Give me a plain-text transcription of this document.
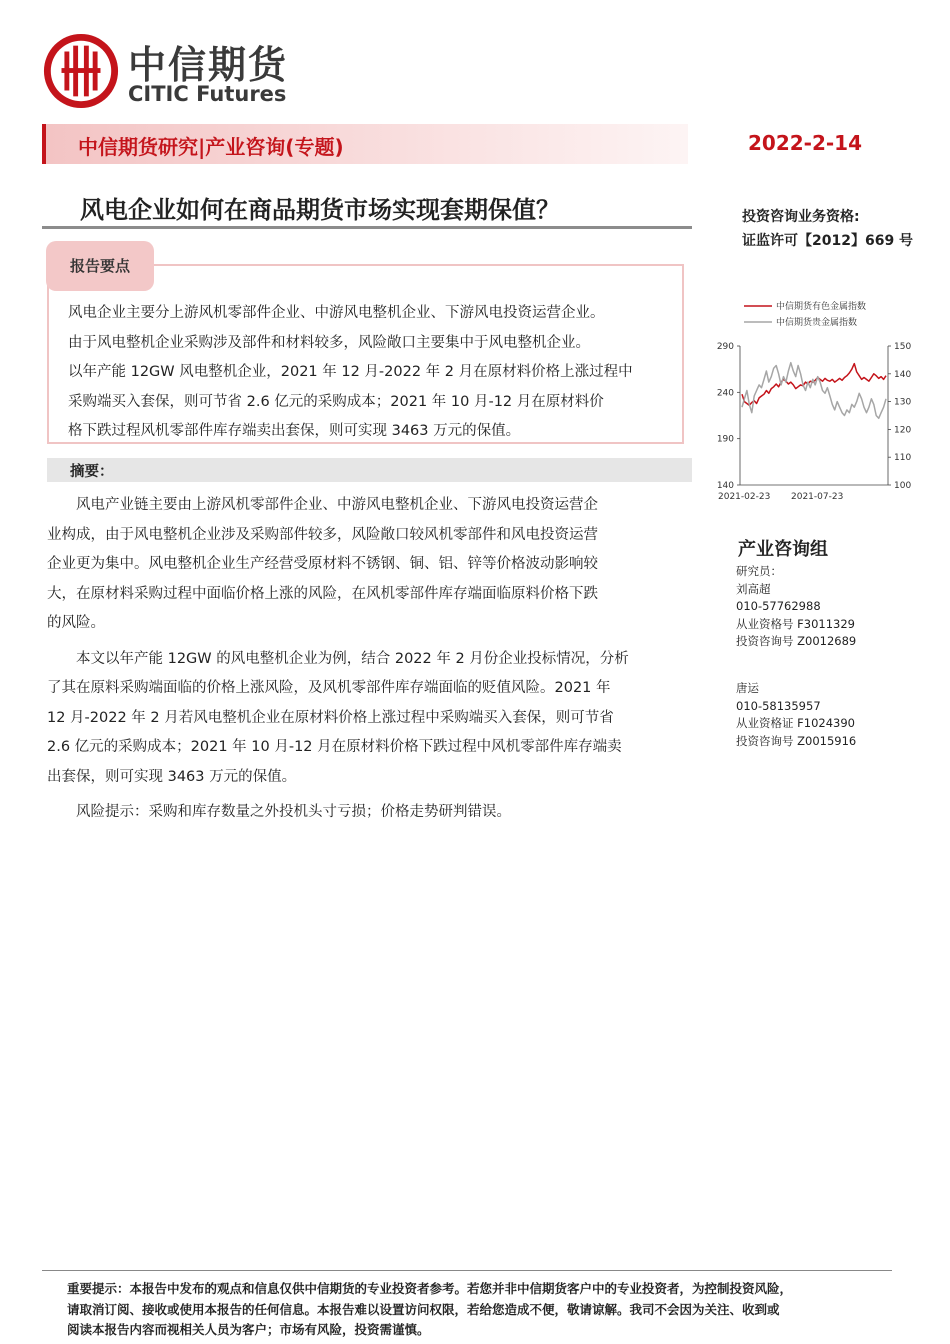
CITIC
中信期货
CITIC Futures
中信期货研究|产业咨询(专题)	2022-2-14
风电企业如何在商品期货市场实现套期保值？	投资咨询业务资格:
证监许可【2012】669 号
报告要点
风电企业主要分上游风机零部件企业、中游风电整机企业、下游风电投资运营企业。
由于风电整机企业采购涉及部件和材料较多，风险敞口主要集中于风电整机企业。
以年产能 12GW 风电整机企业，2021 年 12 月-2022 年 2 月在原材料价格上涨过程中
采购端买入套保，则可节省 2.6 亿元的采购成本；2021 年 10 月-12 月在原材料价
格下跌过程风机零部件库存端卖出套保，则可实现 3463 万元的保值。
摘要：
　　风电产业链主要由上游风机零部件企业、中游风电整机企业、下游风电投资运营企
业构成，由于风电整机企业涉及采购部件较多，风险敞口较风机零部件和风电投资运营
企业更为集中。风电整机企业生产经营受原材料不锈钢、铜、铝、锌等价格波动影响较
大，在原材料采购过程中面临价格上涨的风险，在风机零部件库存端面临原料价格下跌
的风险。
　　本文以年产能 12GW 的风电整机企业为例，结合 2022 年 2 月份企业投标情况，分析
了其在原料采购端面临的价格上涨风险，及风机零部件库存端面临的贬值风险。2021 年
12 月-2022 年 2 月若风电整机企业在原材料价格上涨过程中采购端买入套保，则可节省
2.6 亿元的采购成本；2021 年 10 月-12 月在原材料价格下跌过程中风机零部件库存端卖
出套保，则可实现 3463 万元的保值。
　　风险提示：采购和库存数量之外投机头寸亏损；价格走势研判错误。
中信期货有色金属指数
中信期货贵金属指数
140
190
240
290
100
110
120
130
140
150
2021-02-23 2021-07-23
产业咨询组
研究员：
刘高超
010-57762988
从业资格号 F3011329
投资咨询号 Z0012689
唐运
010-58135957
从业资格证 F1024390
投资咨询号 Z0015916
重要提示：本报告中发布的观点和信息仅供中信期货的专业投资者参考。若您并非中信期货客户中的专业投资者，为控制投资风险，
请取消订阅、接收或使用本报告的任何信息。本报告难以设置访问权限，若给您造成不便，敬请谅解。我司不会因为关注、收到或
阅读本报告内容而视相关人员为客户；市场有风险，投资需谨慎。
